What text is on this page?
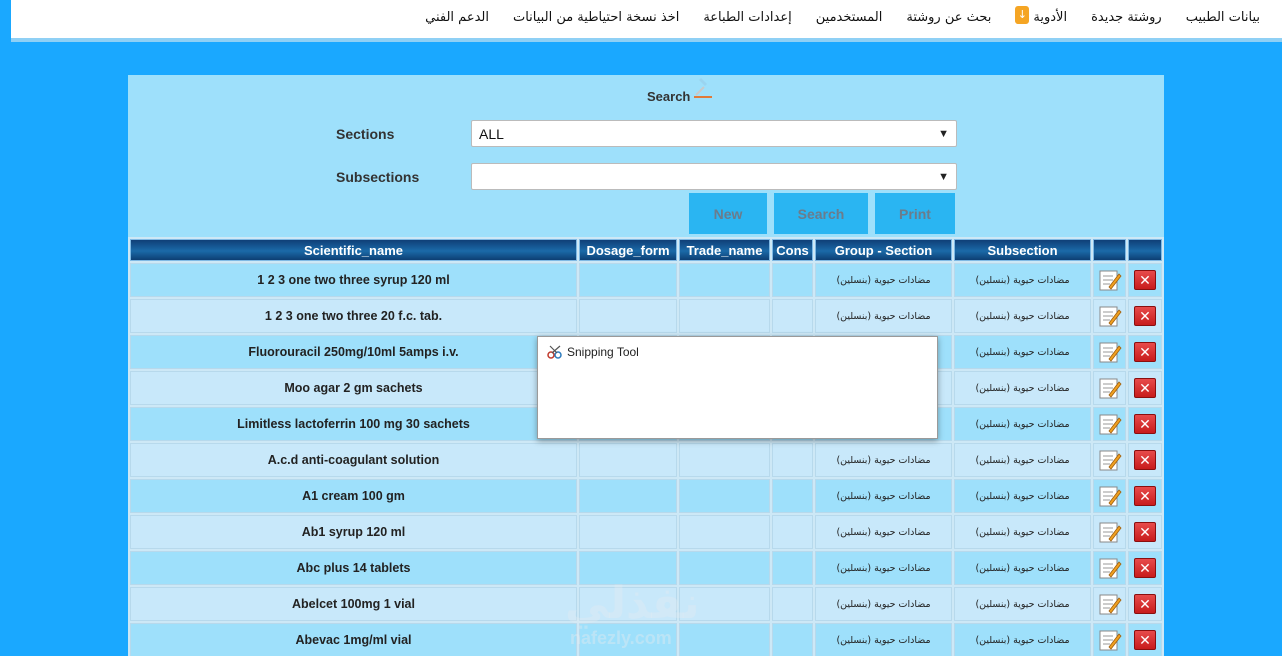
بيانات الطبيب
روشتة جديدة
الأدوية
↓
بحث عن روشتة
المستخدمين
إعدادات الطباعة
اخذ نسخة احتياطية من البيانات
الدعم الفني
Search
Sections	ALL	▼
Subsections	▼
New	Search	Print
Scientific_name	Dosage_form	Trade_name	Cons	Group - Section	Subsection		
1 2 3 one two three syrup 120 ml				مضادات حيوية (بنسلين)	مضادات حيوية (بنسلين)		✕
1 2 3 one two three 20 f.c. tab.				مضادات حيوية (بنسلين)	مضادات حيوية (بنسلين)		✕
Fluorouracil 250mg/10ml 5amps i.v.					مضادات حيوية (بنسلين)		✕
Moo agar 2 gm sachets					مضادات حيوية (بنسلين)		✕
Limitless lactoferrin 100 mg 30 sachets					مضادات حيوية (بنسلين)		✕
A.c.d anti-coagulant solution				مضادات حيوية (بنسلين)	مضادات حيوية (بنسلين)		✕
A1 cream 100 gm				مضادات حيوية (بنسلين)	مضادات حيوية (بنسلين)		✕
Ab1 syrup 120 ml				مضادات حيوية (بنسلين)	مضادات حيوية (بنسلين)		✕
Abc plus 14 tablets				مضادات حيوية (بنسلين)	مضادات حيوية (بنسلين)		✕
Abelcet 100mg 1 vial				مضادات حيوية (بنسلين)	مضادات حيوية (بنسلين)		✕
Abevac 1mg/ml vial				مضادات حيوية (بنسلين)	مضادات حيوية (بنسلين)		✕
Snipping Tool
نفذلي
nafezly.com
